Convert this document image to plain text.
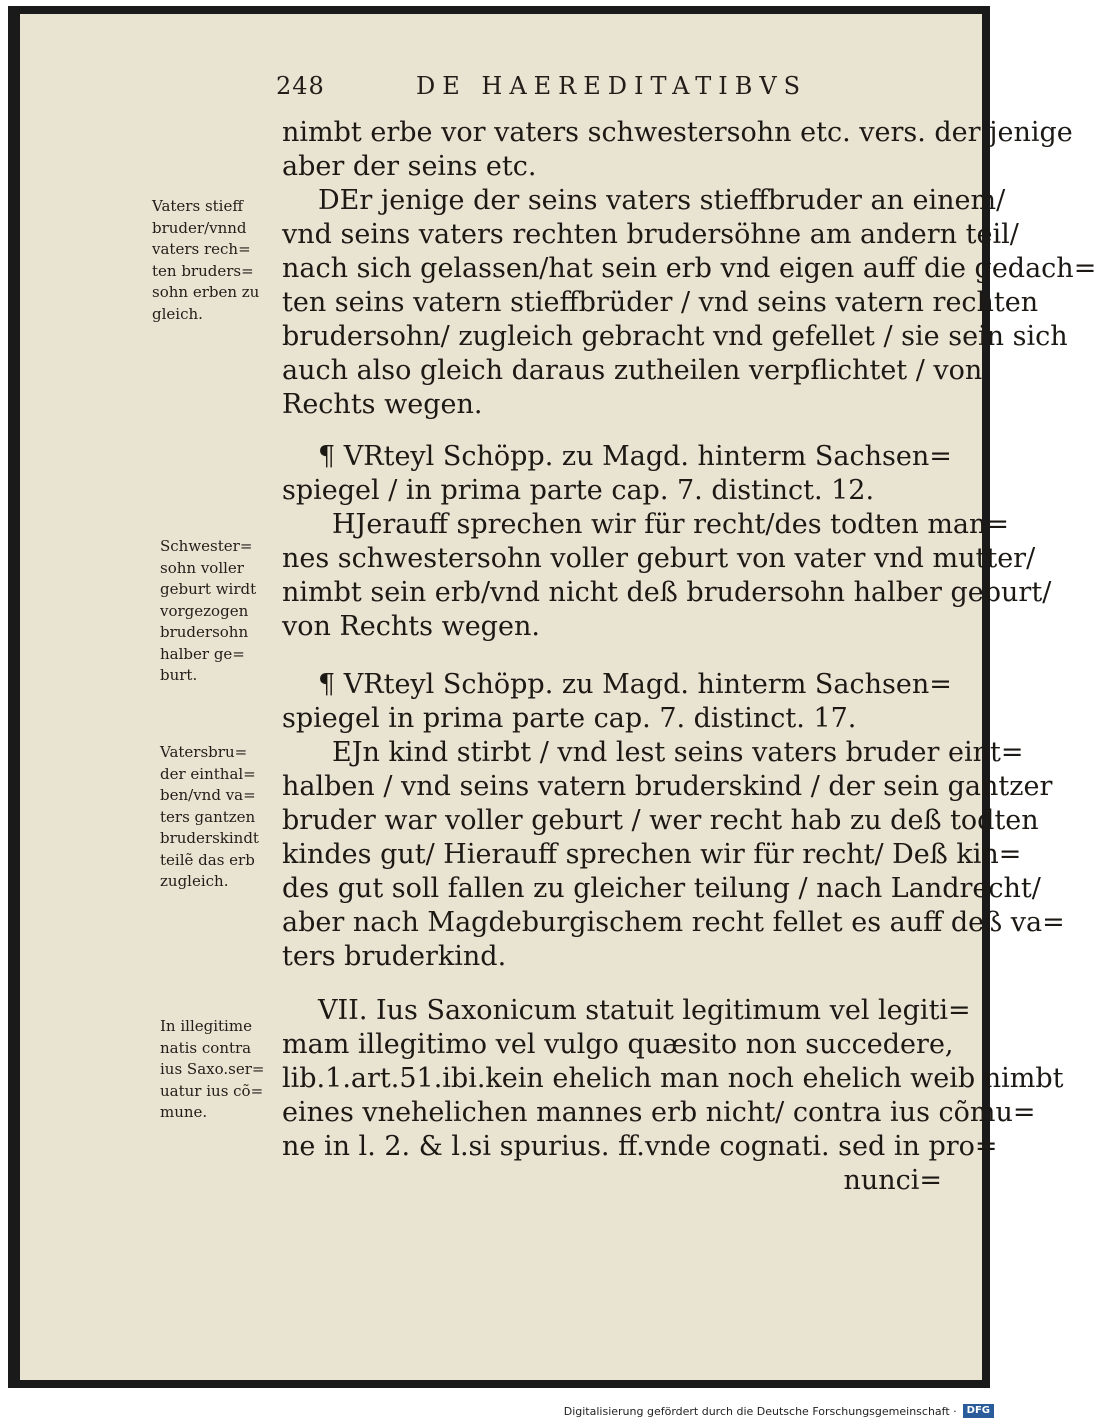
248	DE HAEREDITATIBVS

nimbt erbe vor vaters schwestersohn etc. vers. der jenige

aber der seins etc.

DEr jenige der seins vaters stieffbruder an einem/

vnd seins vaters rechten brudersöhne am andern teil/

nach sich gelassen/hat sein erb vnd eigen auff die gedach=

ten seins vatern stieffbrüder / vnd seins vatern rechten

brudersohn/ zugleich gebracht vnd gefellet / sie sein sich

auch also gleich daraus zutheilen verpflichtet / von

Rechts wegen.

¶ VRteyl Schöpp. zu Magd. hinterm Sachsen=

spiegel / in prima parte cap. 7. distinct. 12.

HJerauff sprechen wir für recht/des todten man=

nes schwestersohn voller geburt von vater vnd mutter/

nimbt sein erb/vnd nicht deß brudersohn halber geburt/

von Rechts wegen.

¶ VRteyl Schöpp. zu Magd. hinterm Sachsen=

spiegel in prima parte cap. 7. distinct. 17.

EJn kind stirbt / vnd lest seins vaters bruder eint=

halben / vnd seins vatern bruderskind / der sein gantzer

bruder war voller geburt / wer recht hab zu deß todten

kindes gut/ Hierauff sprechen wir für recht/ Deß kin=

des gut soll fallen zu gleicher teilung / nach Landrecht/

aber nach Magdeburgischem recht fellet es auff deß va=

ters bruderkind.

VII. Ius Saxonicum statuit legitimum vel legiti=

mam illegitimo vel vulgo quæsito non succedere,

lib.1.art.51.ibi.kein ehelich man noch ehelich weib nimbt

eines vnehelichen mannes erb nicht/ contra ius cõmu=

ne in l. 2. & l.si spurius. ff.vnde cognati. sed in pro=

nunci=

Vaters stieff
bruder/vnnd
vaters rech=
ten bruders=
sohn erben zu
gleich.
Schwester=
sohn voller
geburt wirdt
vorgezogen
brudersohn
halber ge=
burt.
Vatersbru=
der einthal=
ben/vnd va=
ters gantzen
bruderskindt
teilẽ das erb
zugleich.
In illegitime
natis contra
ius Saxo.ser=
uatur ius cõ=
mune.
Digitalisierung gefördert durch die Deutsche Forschungsgemeinschaft ·	DFG
